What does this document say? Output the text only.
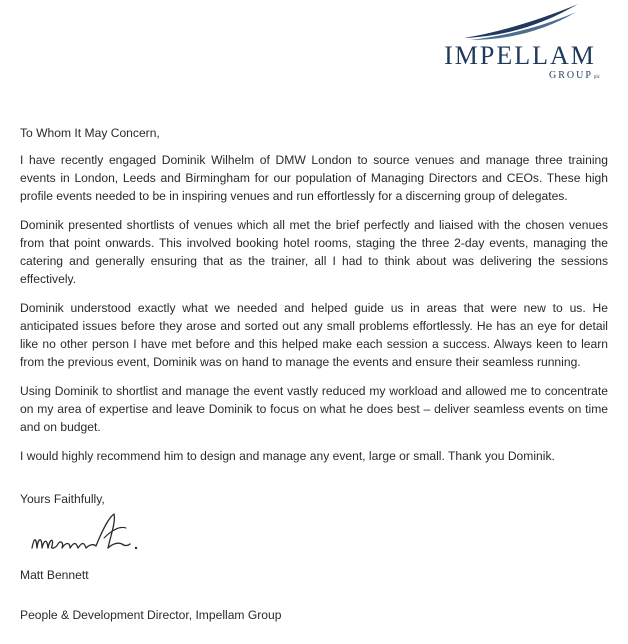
IMPELLAM
GROUPplc

To Whom It May Concern,

I have recently engaged Dominik Wilhelm of DMW London to source venues and manage three training events in London, Leeds and Birmingham for our population of Managing Directors and CEOs. These high profile events needed to be in inspiring venues and run effortlessly for a discerning group of delegates.

Dominik presented shortlists of venues which all met the brief perfectly and liaised with the chosen venues from that point onwards. This involved booking hotel rooms, staging the three 2-day events, managing the catering and generally ensuring that as the trainer, all I had to think about was delivering the sessions effectively.

Dominik understood exactly what we needed and helped guide us in areas that were new to us. He anticipated issues before they arose and sorted out any small problems effortlessly. He has an eye for detail like no other person I have met before and this helped make each session a success. Always keen to learn from the previous event, Dominik was on hand to manage the events and ensure their seamless running.

Using Dominik to shortlist and manage the event vastly reduced my workload and allowed me to concentrate on my area of expertise and leave Dominik to focus on what he does best – deliver seamless events on time and on budget.

I would highly recommend him to design and manage any event, large or small. Thank you Dominik.

Yours Faithfully,
Matt Bennett
People & Development Director, Impellam Group
